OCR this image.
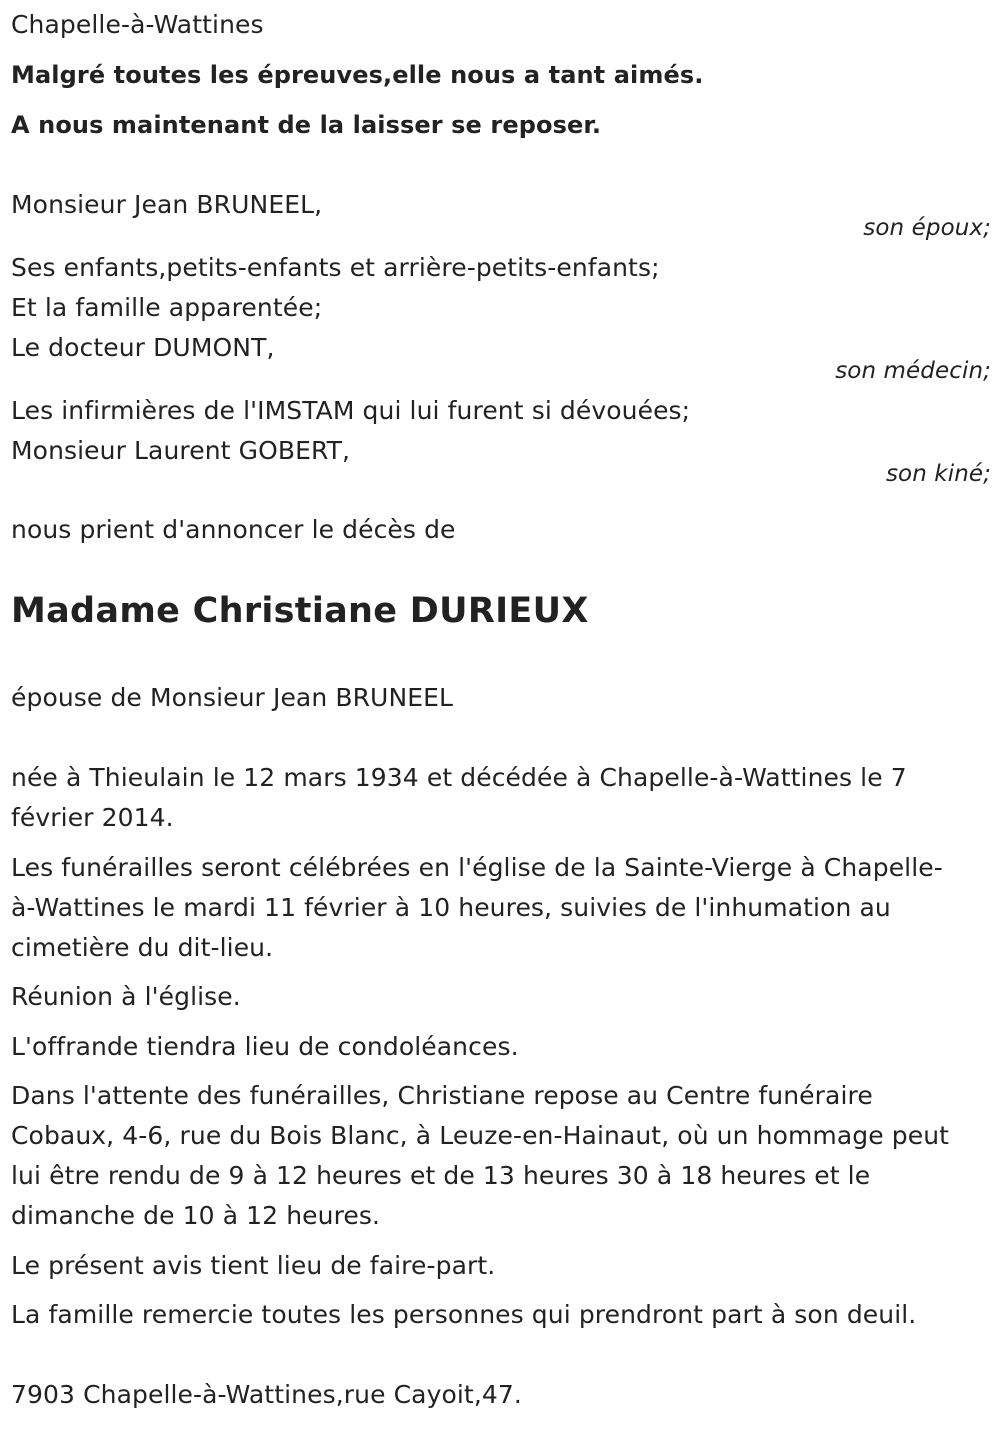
Chapelle-à-Wattines

Malgré toutes les épreuves,elle nous a tant aimés.

A nous maintenant de la laisser se reposer.

Monsieur Jean BRUNEEL,

son époux;

Ses enfants,petits-enfants et arrière-petits-enfants;

Et la famille apparentée;

Le docteur DUMONT,

son médecin;

Les infirmières de l'IMSTAM qui lui furent si dévouées;

Monsieur Laurent GOBERT,

son kiné;

nous prient d'annoncer le décès de

Madame Christiane DURIEUX

épouse de Monsieur Jean BRUNEEL

née à Thieulain le 12 mars 1934 et décédée à Chapelle-à-Wattines le 7

février 2014.

Les funérailles seront célébrées en l'église de la Sainte-Vierge à Chapelle-

à-Wattines le mardi 11 février à 10 heures, suivies de l'inhumation au

cimetière du dit-lieu.

Réunion à l'église.

L'offrande tiendra lieu de condoléances.

Dans l'attente des funérailles, Christiane repose au Centre funéraire

Cobaux, 4-6, rue du Bois Blanc, à Leuze-en-Hainaut, où un hommage peut

lui être rendu de 9 à 12 heures et de 13 heures 30 à 18 heures et le

dimanche de 10 à 12 heures.

Le présent avis tient lieu de faire-part.

La famille remercie toutes les personnes qui prendront part à son deuil.

7903 Chapelle-à-Wattines,rue Cayoit,47.
